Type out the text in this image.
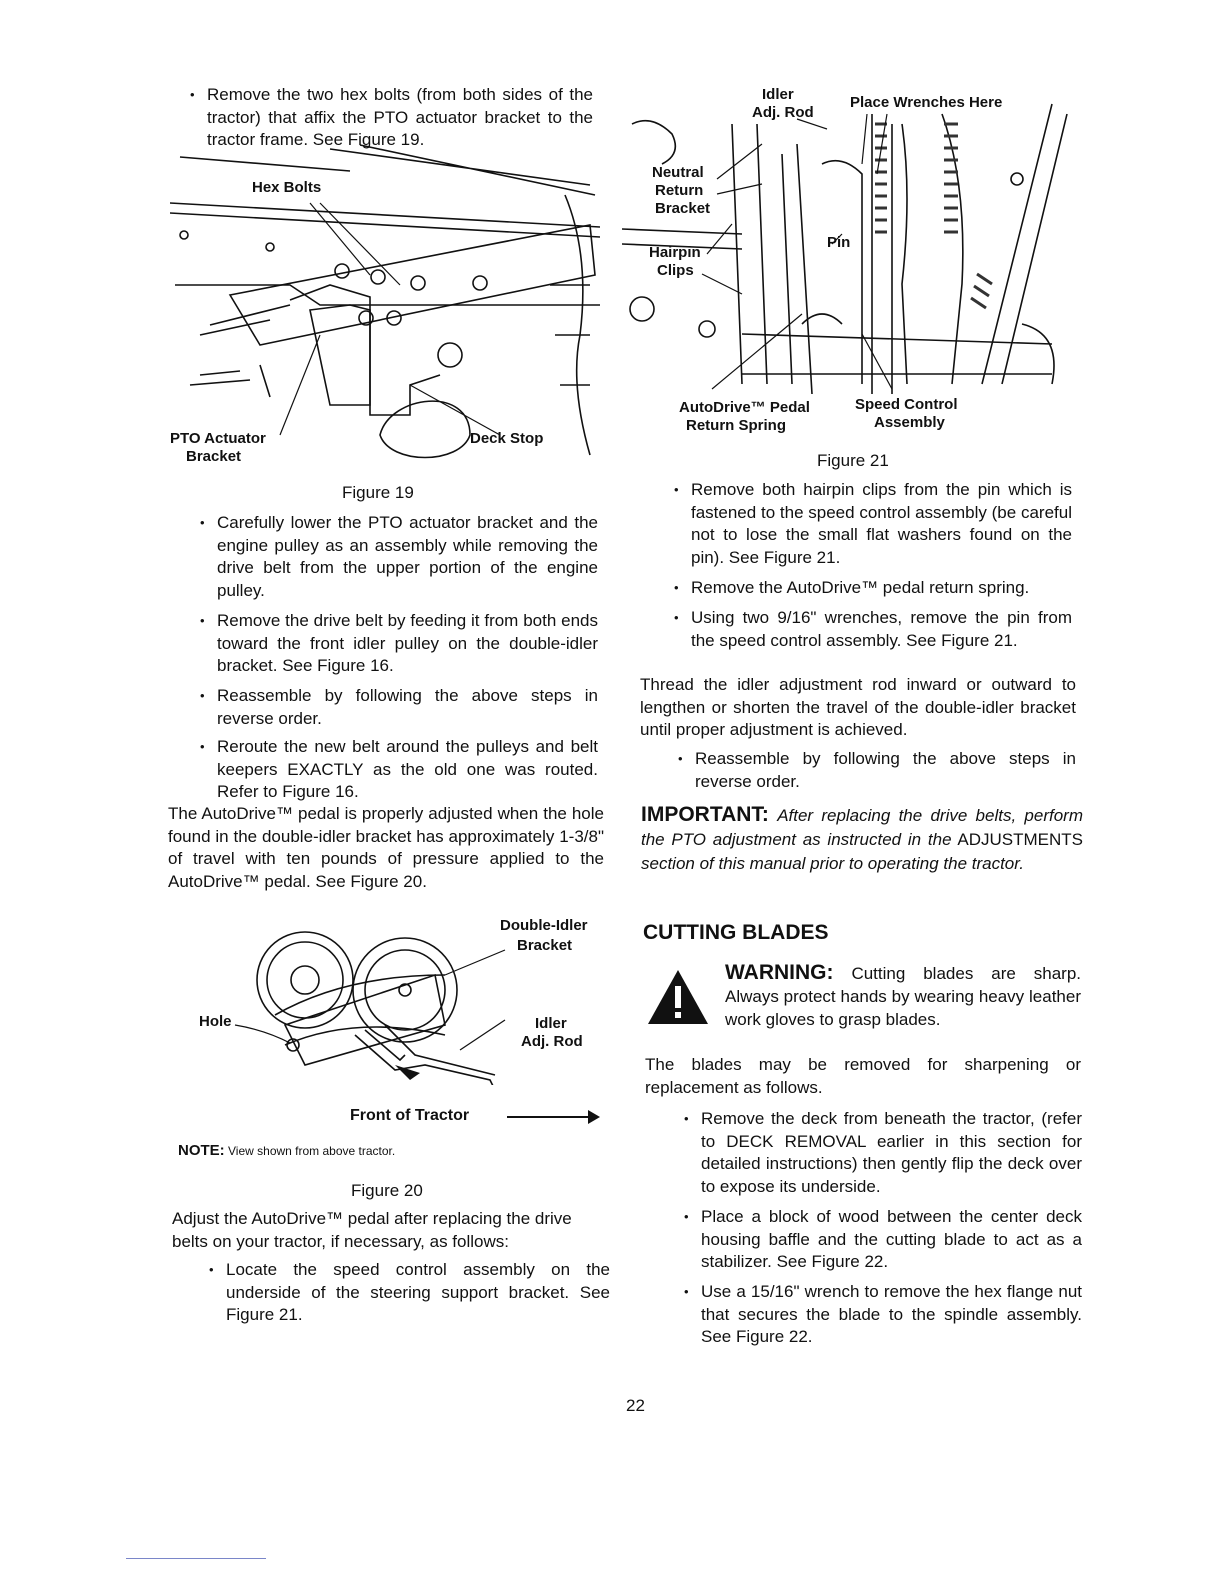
• Remove the two hex bolts (from both sides of the tractor) that affix the PTO actuator bracket to the tractor frame. See Figure 19.
Hex Bolts
PTO Actuator
Bracket
Deck Stop
Figure 19
• Carefully lower the PTO actuator bracket and the engine pulley as an assembly while removing the drive belt from the upper portion of the engine pulley.
• Remove the drive belt by feeding it from both ends toward the front idler pulley on the double-idler bracket. See Figure 16.
• Reassemble by following the above steps in reverse order.
• Reroute the new belt around the pulleys and belt keepers EXACTLY as the old one was routed. Refer to Figure 16.
The AutoDrive™ pedal is properly adjusted when the hole found in the double-idler bracket has approximately 1-3/8" of travel with ten pounds of pressure applied to the AutoDrive™ pedal. See Figure 20.
Double-Idler
Bracket
Hole	Idler
Adj. Rod
Front of Tractor
NOTE: View shown from above tractor.
Figure 20
Adjust the AutoDrive™ pedal after replacing the drive belts on your tractor, if necessary, as follows:
• Locate the speed control assembly on the underside of the steering support bracket. See Figure 21.
Idler
Adj. Rod
Place Wrenches Here
Neutral
Return
Bracket
Pin
Hairpin
Clips
AutoDrive™ Pedal
Return Spring
Speed Control
Assembly
Figure 21
• Remove both hairpin clips from the pin which is fastened to the speed control assembly (be careful not to lose the small flat washers found on the pin). See Figure 21.
• Remove the AutoDrive™ pedal return spring.
• Using two 9/16" wrenches, remove the pin from the speed control assembly. See Figure 21.
Thread the idler adjustment rod inward or outward to lengthen or shorten the travel of the double-idler bracket until proper adjustment is achieved.
• Reassemble by following the above steps in reverse order.
IMPORTANT: After replacing the drive belts, perform the PTO adjustment as instructed in the ADJUSTMENTS section of this manual prior to operating the tractor.
CUTTING BLADES
WARNING: Cutting blades are sharp. Always protect hands by wearing heavy leather work gloves to grasp blades.
The blades may be removed for sharpening or replacement as follows.
• Remove the deck from beneath the tractor, (refer to DECK REMOVAL earlier in this section for detailed instructions) then gently flip the deck over to expose its underside.
• Place a block of wood between the center deck housing baffle and the cutting blade to act as a stabilizer. See Figure 22.
• Use a 15/16" wrench to remove the hex flange nut that secures the blade to the spindle assembly. See Figure 22.
22
